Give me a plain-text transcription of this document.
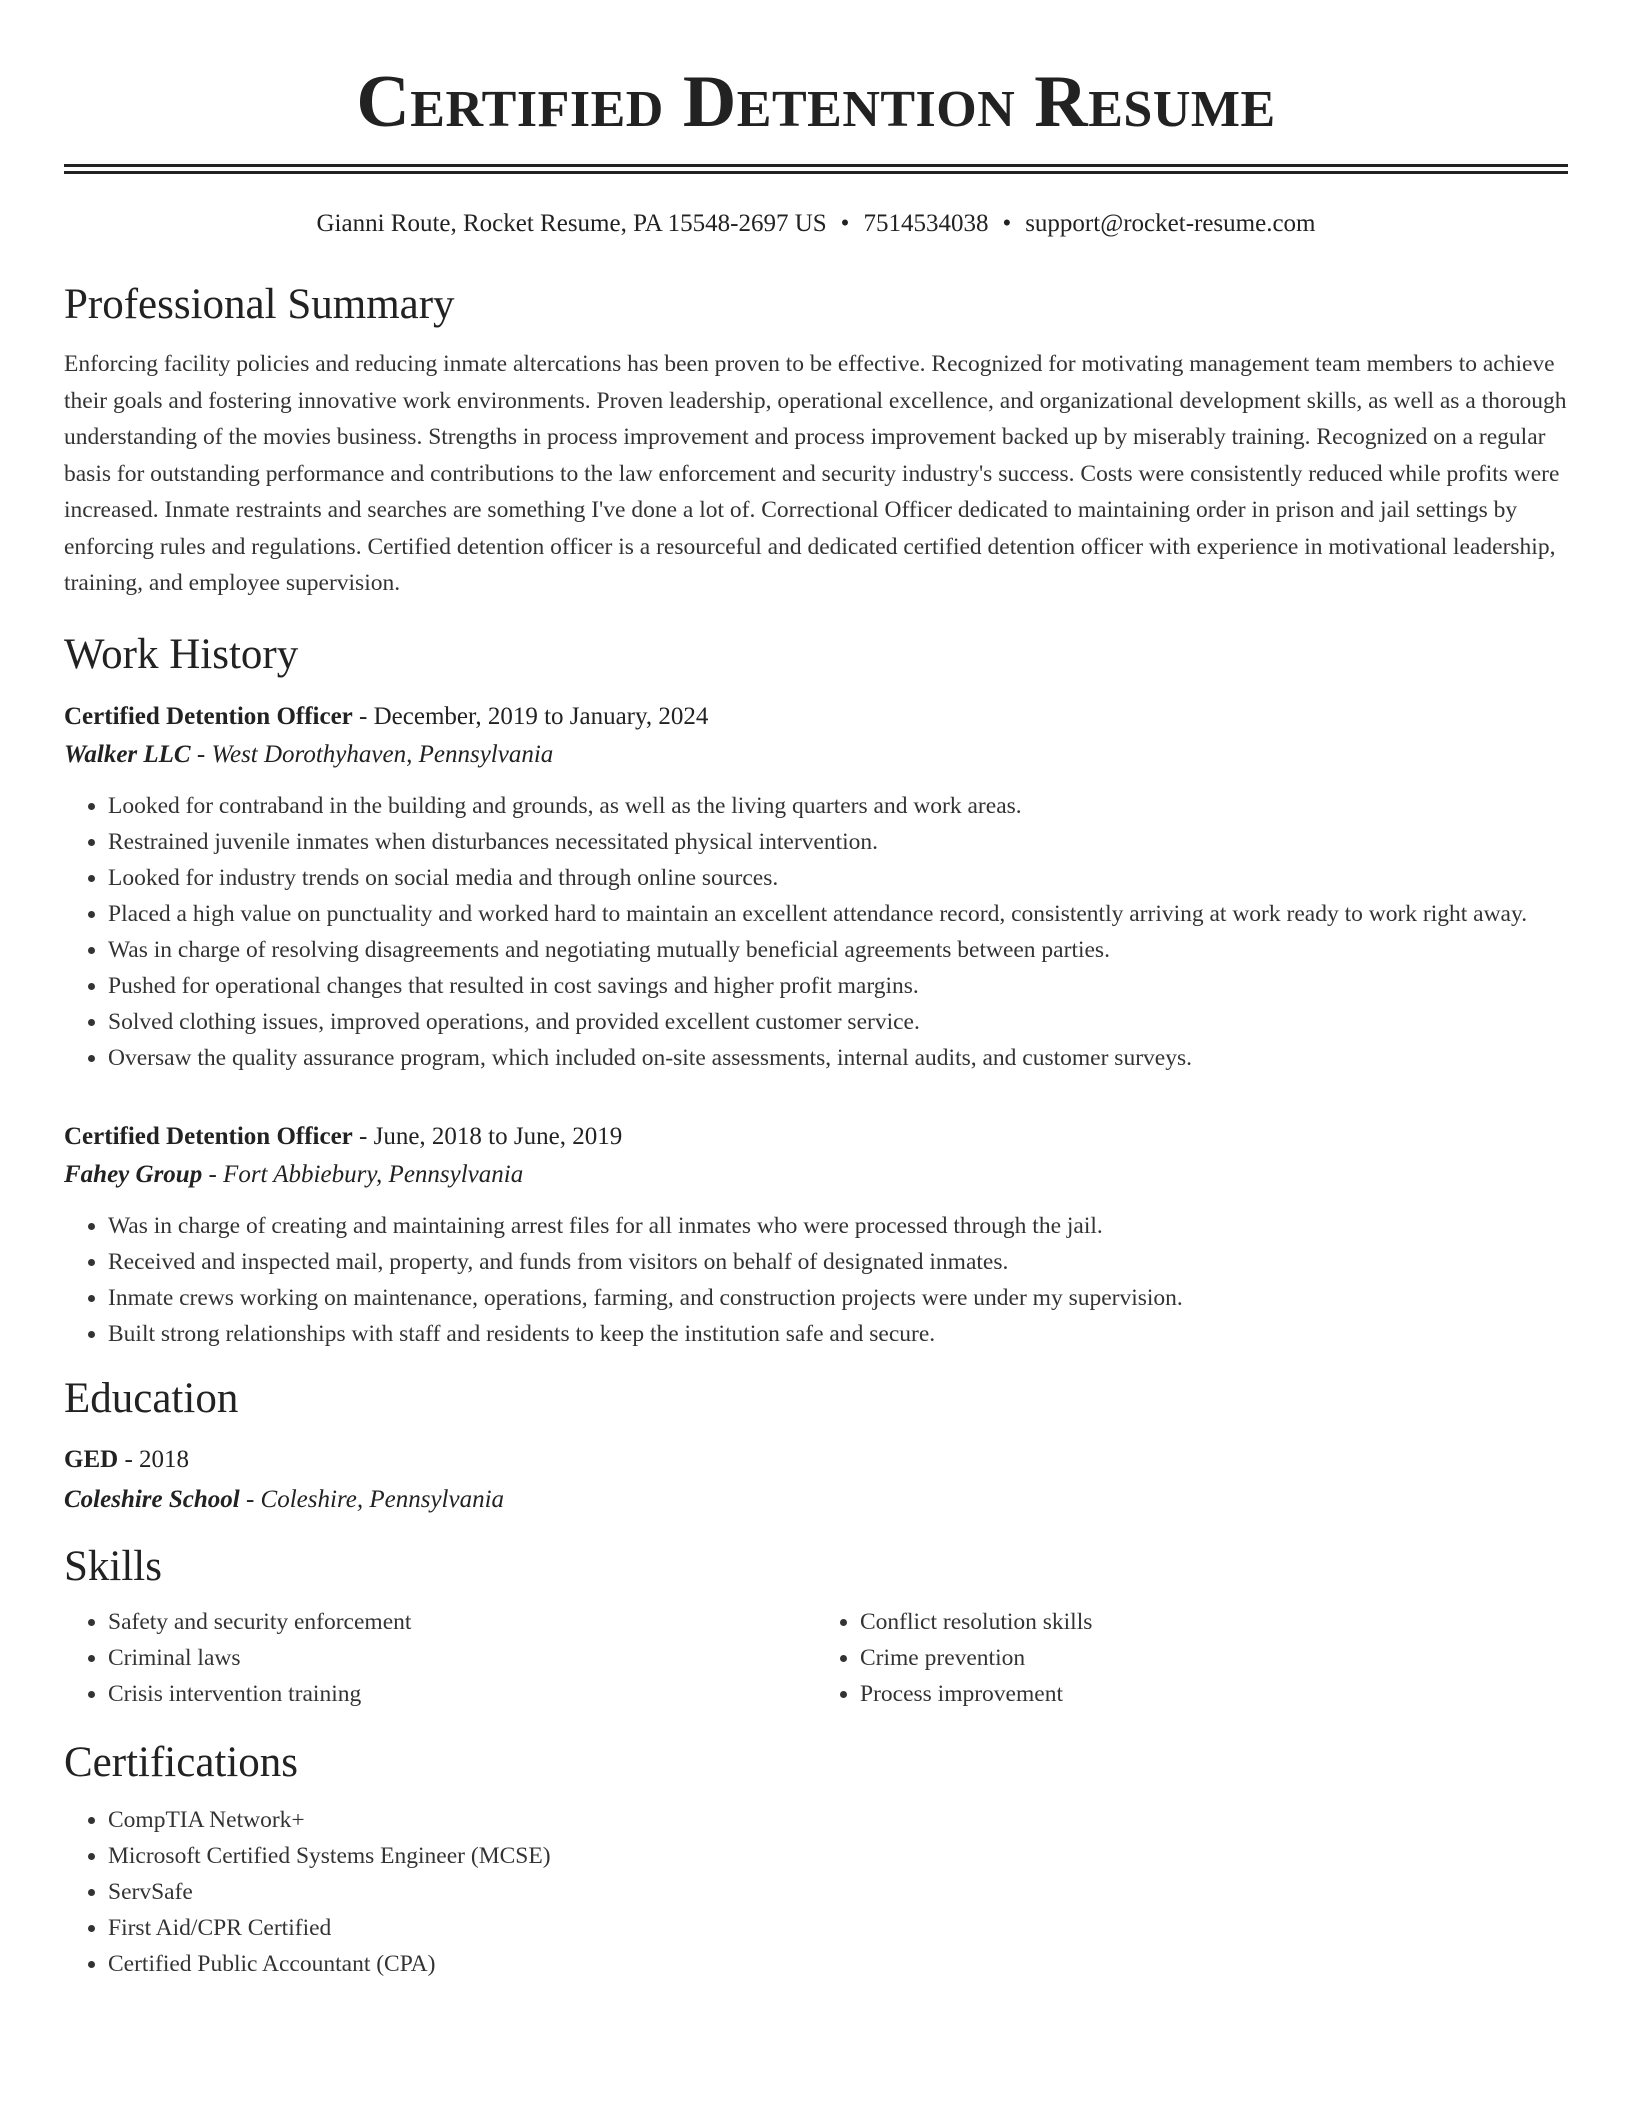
Certified Detention Resume
Gianni Route, Rocket Resume, PA 15548-2697 US • 7514534038 • support@rocket-resume.com
Professional Summary
Enforcing facility policies and reducing inmate altercations has been proven to be effective. Recognized for motivating management team members to achieve their goals and fostering innovative work environments. Proven leadership, operational excellence, and organizational development skills, as well as a thorough understanding of the movies business. Strengths in process improvement and process improvement backed up by miserably training. Recognized on a regular basis for outstanding performance and contributions to the law enforcement and security industry's success. Costs were consistently reduced while profits were increased. Inmate restraints and searches are something I've done a lot of. Correctional Officer dedicated to maintaining order in prison and jail settings by enforcing rules and regulations. Certified detention officer is a resourceful and dedicated certified detention officer with experience in motivational leadership, training, and employee supervision.
Work History
Certified Detention Officer - December, 2019 to January, 2024
Walker LLC - West Dorothyhaven, Pennsylvania
• Looked for contraband in the building and grounds, as well as the living quarters and work areas.
• Restrained juvenile inmates when disturbances necessitated physical intervention.
• Looked for industry trends on social media and through online sources.
• Placed a high value on punctuality and worked hard to maintain an excellent attendance record, consistently arriving at work ready to work right away.
• Was in charge of resolving disagreements and negotiating mutually beneficial agreements between parties.
• Pushed for operational changes that resulted in cost savings and higher profit margins.
• Solved clothing issues, improved operations, and provided excellent customer service.
• Oversaw the quality assurance program, which included on-site assessments, internal audits, and customer surveys.
Certified Detention Officer - June, 2018 to June, 2019
Fahey Group - Fort Abbiebury, Pennsylvania
• Was in charge of creating and maintaining arrest files for all inmates who were processed through the jail.
• Received and inspected mail, property, and funds from visitors on behalf of designated inmates.
• Inmate crews working on maintenance, operations, farming, and construction projects were under my supervision.
• Built strong relationships with staff and residents to keep the institution safe and secure.
Education
GED - 2018
Coleshire School - Coleshire, Pennsylvania
Skills
• Safety and security enforcement
• Criminal laws
• Crisis intervention training
• Conflict resolution skills
• Crime prevention
• Process improvement
Certifications
• CompTIA Network+
• Microsoft Certified Systems Engineer (MCSE)
• ServSafe
• First Aid/CPR Certified
• Certified Public Accountant (CPA)
